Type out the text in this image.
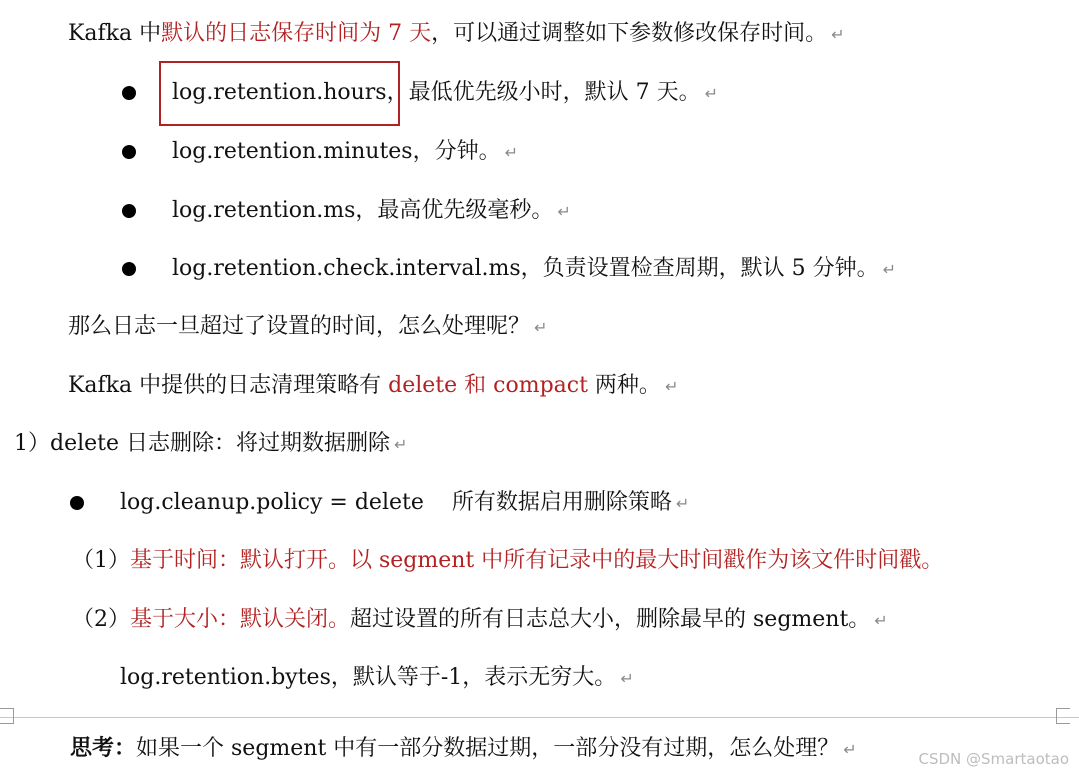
Kafka 中默认的日志保存时间为 7 天，可以通过调整如下参数修改保存时间。 ↵
log.retention.hours，最低优先级小时，默认 7 天。 ↵
log.retention.minutes，分钟。 ↵
log.retention.ms，最高优先级毫秒。 ↵
log.retention.check.interval.ms，负责设置检查周期，默认 5 分钟。 ↵
那么日志一旦超过了设置的时间，怎么处理呢？ ↵
Kafka 中提供的日志清理策略有 delete 和 compact 两种。 ↵
1）delete 日志删除：将过期数据删除 ↵
log.cleanup.policy = delete 所有数据启用删除策略 ↵
（1）基于时间：默认打开。以 segment 中所有记录中的最大时间戳作为该文件时间戳。
（2）基于大小：默认关闭。超过设置的所有日志总大小，删除最早的 segment。 ↵
log.retention.bytes，默认等于-1，表示无穷大。 ↵
思考：如果一个 segment 中有一部分数据过期，一部分没有过期，怎么处理？ ↵	CSDN @Smartaotao
